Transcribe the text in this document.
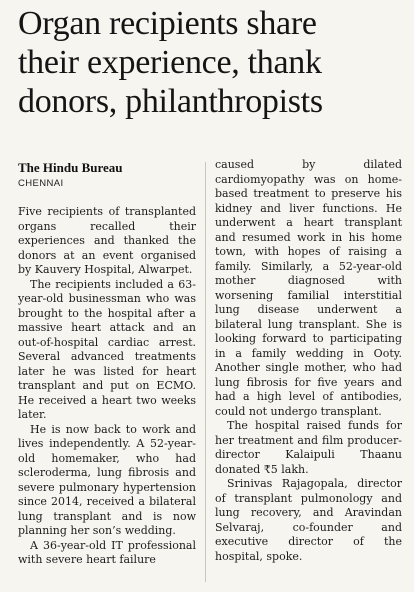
Organ recipients share
their experience, thank
donors, philanthropists
The Hindu Bureau
CHENNAI

Five recipients of transplanted organs recalled their experiences and thanked the donors at an event organised by Kauvery Hospital, Alwarpet.

The recipients included a 63-year-old businessman who was brought to the hospital after a massive heart attack and an out-of-hospital cardiac arrest. Several advanced treatments later he was listed for heart transplant and put on ECMO. He received a heart two weeks later.

He is now back to work and lives independently. A 52-year-old homemaker, who had scleroderma, lung fibrosis and severe pulmonary hypertension since 2014, received a bilateral lung transplant and is now planning her son’s wedding.

A 36-year-old IT professional with severe heart failure

caused by dilated cardiomyopathy was on home-based treatment to preserve his kidney and liver functions. He underwent a heart transplant and resumed work in his home town, with hopes of raising a family. Similarly, a 52-year-old mother diagnosed with worsening familial interstitial lung disease underwent a bilateral lung transplant. She is looking forward to participating in a family wedding in Ooty. Another single mother, who had lung fibrosis for five years and had a high level of antibodies, could not undergo transplant.

The hospital raised funds for her treatment and film producer-director Kalaipuli Thaanu donated ₹5 lakh.

Srinivas Rajagopala, director of transplant pulmonology and lung recovery, and Aravindan Selvaraj, co-founder and executive director of the hospital, spoke.
